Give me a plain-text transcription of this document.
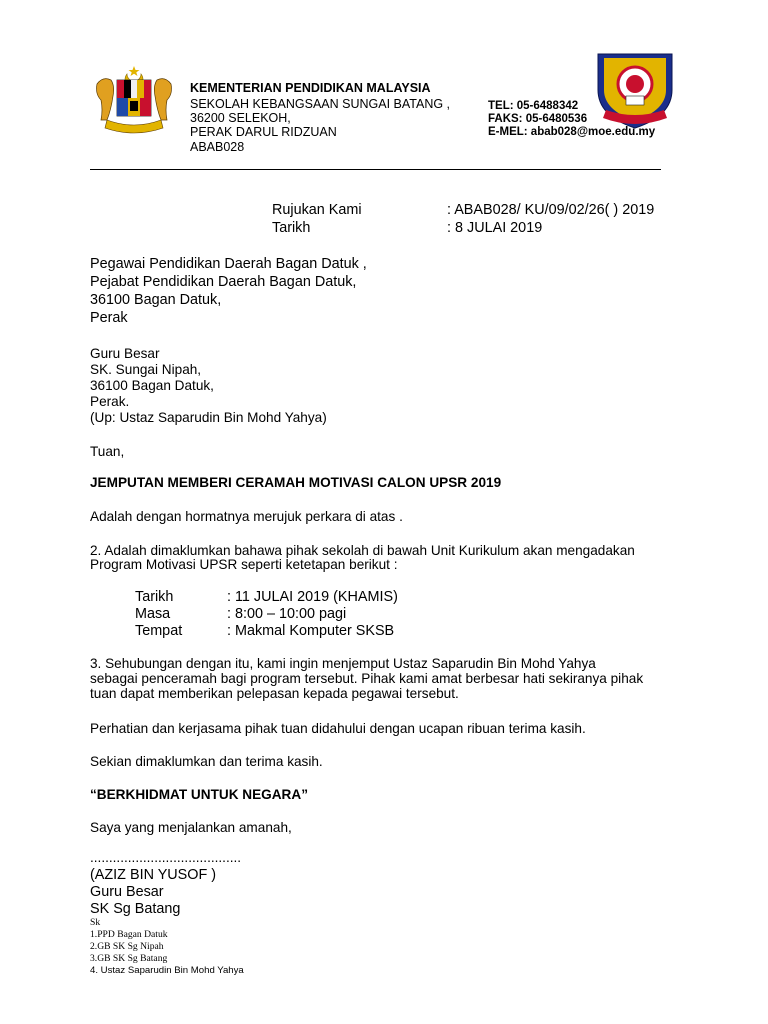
KEMENTERIAN PENDIDIKAN MALAYSIA
SEKOLAH KEBANGSAAN SUNGAI BATANG ,
36200 SELEKOH,
PERAK DARUL RIDZUAN
ABAB028
TEL: 05-6488342
FAKS: 05-6480536
E-MEL: abab028@moe.edu.my
Rujukan Kami	: ABAB028/ KU/09/02/26( ) 2019
Tarikh	: 8 JULAI 2019
Pegawai Pendidikan Daerah Bagan Datuk ,
Pejabat Pendidikan Daerah Bagan Datuk,
36100 Bagan Datuk,
Perak
Guru Besar
SK. Sungai Nipah,
36100 Bagan Datuk,
Perak.
(Up: Ustaz Saparudin Bin Mohd Yahya)
Tuan,
JEMPUTAN MEMBERI CERAMAH MOTIVASI CALON UPSR 2019
Adalah dengan hormatnya merujuk perkara di atas .
2. Adalah dimaklumkan bahawa pihak sekolah di bawah Unit Kurikulum akan mengadakan
Program Motivasi UPSR seperti ketetapan berikut :
Tarikh	: 11 JULAI 2019 (KHAMIS)
Masa	: 8:00 – 10:00 pagi
Tempat	: Makmal Komputer SKSB
3. Sehubungan dengan itu, kami ingin menjemput Ustaz Saparudin Bin Mohd Yahya
sebagai penceramah bagi program tersebut. Pihak kami amat berbesar hati sekiranya pihak
tuan dapat memberikan pelepasan kepada pegawai tersebut.
Perhatian dan kerjasama pihak tuan didahului dengan ucapan ribuan terima kasih.
Sekian dimaklumkan dan terima kasih.
“BERKHIDMAT UNTUK NEGARA”
Saya yang menjalankan amanah,
........................................
(AZIZ BIN YUSOF )
Guru Besar
SK Sg Batang
Sk
1.PPD Bagan Datuk
2.GB SK Sg Nipah
3.GB SK Sg Batang
4. Ustaz Saparudin Bin Mohd Yahya
